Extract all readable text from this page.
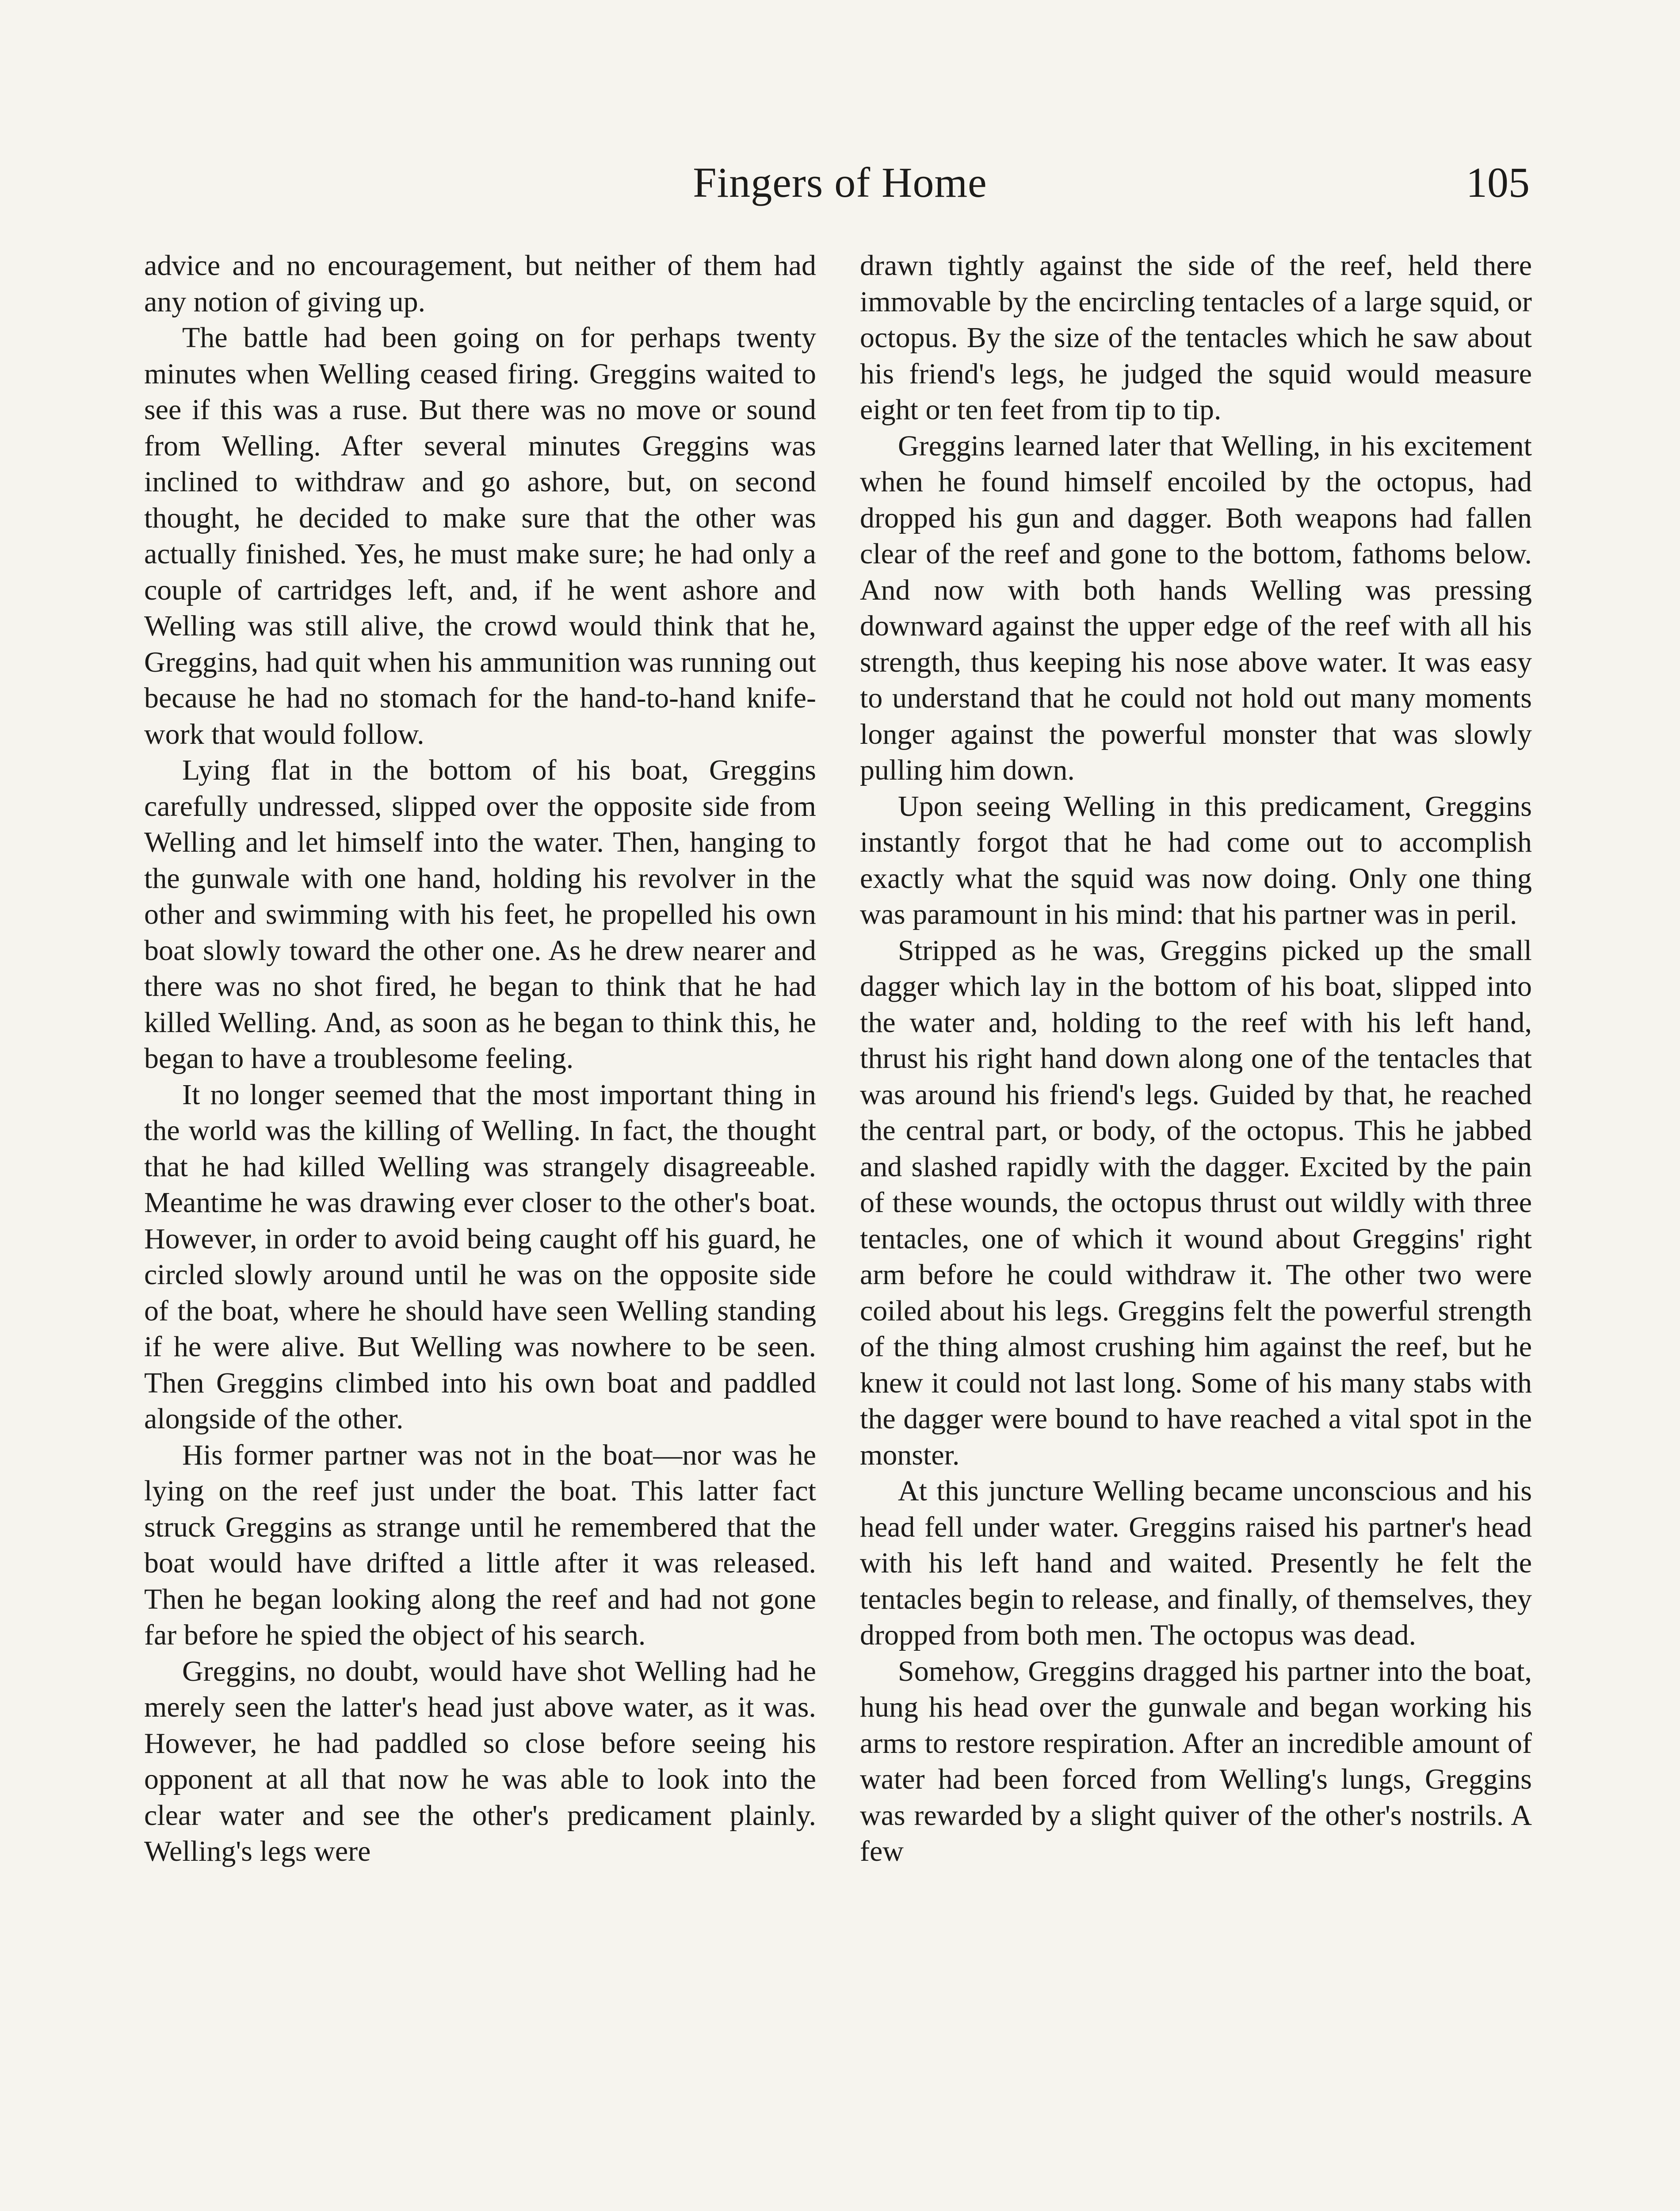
Fingers of Home	105

advice and no encouragement, but neither of them had any notion of giving up.

The battle had been going on for perhaps twenty minutes when Welling ceased firing. Greggins waited to see if this was a ruse. But there was no move or sound from Welling. After several minutes Greggins was inclined to withdraw and go ashore, but, on second thought, he decided to make sure that the other was actually finished. Yes, he must make sure; he had only a couple of cartridges left, and, if he went ashore and Welling was still alive, the crowd would think that he, Greggins, had quit when his ammunition was running out because he had no stomach for the hand-to-hand knifework that would follow.

Lying flat in the bottom of his boat, Greggins carefully undressed, slipped over the opposite side from Welling and let himself into the water. Then, hanging to the gunwale with one hand, holding his revolver in the other and swimming with his feet, he propelled his own boat slowly toward the other one. As he drew nearer and there was no shot fired, he began to think that he had killed Welling. And, as soon as he began to think this, he began to have a troublesome feeling.

It no longer seemed that the most important thing in the world was the killing of Welling. In fact, the thought that he had killed Welling was strangely disagreeable. Meantime he was drawing ever closer to the other's boat. However, in order to avoid being caught off his guard, he circled slowly around until he was on the opposite side of the boat, where he should have seen Welling standing if he were alive. But Welling was nowhere to be seen. Then Greggins climbed into his own boat and paddled alongside of the other.

His former partner was not in the boat—nor was he lying on the reef just under the boat. This latter fact struck Greggins as strange until he remembered that the boat would have drifted a little after it was released. Then he began looking along the reef and had not gone far before he spied the object of his search.

Greggins, no doubt, would have shot Welling had he merely seen the latter's head just above water, as it was. However, he had paddled so close before seeing his opponent at all that now he was able to look into the clear water and see the other's predicament plainly. Welling's legs were

drawn tightly against the side of the reef, held there immovable by the encircling tentacles of a large squid, or octopus. By the size of the tentacles which he saw about his friend's legs, he judged the squid would measure eight or ten feet from tip to tip.

Greggins learned later that Welling, in his excitement when he found himself encoiled by the octopus, had dropped his gun and dagger. Both weapons had fallen clear of the reef and gone to the bottom, fathoms below. And now with both hands Welling was pressing downward against the upper edge of the reef with all his strength, thus keeping his nose above water. It was easy to understand that he could not hold out many moments longer against the powerful monster that was slowly pulling him down.

Upon seeing Welling in this predicament, Greggins instantly forgot that he had come out to accomplish exactly what the squid was now doing. Only one thing was paramount in his mind: that his partner was in peril.

Stripped as he was, Greggins picked up the small dagger which lay in the bottom of his boat, slipped into the water and, holding to the reef with his left hand, thrust his right hand down along one of the tentacles that was around his friend's legs. Guided by that, he reached the central part, or body, of the octopus. This he jabbed and slashed rapidly with the dagger. Excited by the pain of these wounds, the octopus thrust out wildly with three tentacles, one of which it wound about Greggins' right arm before he could withdraw it. The other two were coiled about his legs. Greggins felt the powerful strength of the thing almost crushing him against the reef, but he knew it could not last long. Some of his many stabs with the dagger were bound to have reached a vital spot in the monster.

At this juncture Welling became unconscious and his head fell under water. Greggins raised his partner's head with his left hand and waited. Presently he felt the tentacles begin to release, and finally, of themselves, they dropped from both men. The octopus was dead.

Somehow, Greggins dragged his partner into the boat, hung his head over the gunwale and began working his arms to restore respiration. After an incredible amount of water had been forced from Welling's lungs, Greggins was rewarded by a slight quiver of the other's nostrils. A few
